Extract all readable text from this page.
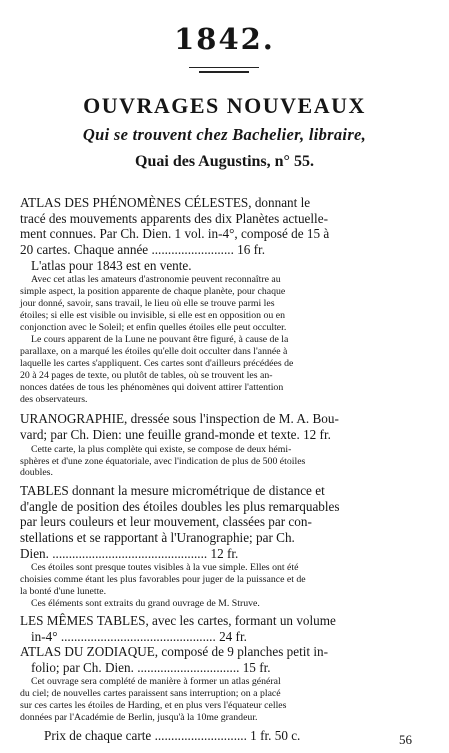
1842.
OUVRAGES NOUVEAUX
Qui se trouvent chez Bachelier, libraire,
Quai des Augustins, n° 55.
ATLAS DES PHÉNOMÈNES CÉLESTES, donnant le
tracé des mouvements apparents des dix Planètes actuelle-
ment connues. Par Ch. Dien. 1 vol. in-4°, composé de 15 à
20 cartes. Chaque année ......................... 16 fr.
L'atlas pour 1843 est en vente.
Avec cet atlas les amateurs d'astronomie peuvent reconnaître au
simple aspect, la position apparente de chaque planète, pour chaque
jour donné, savoir, sans travail, le lieu où elle se trouve parmi les
étoiles; si elle est visible ou invisible, si elle est en opposition ou en
conjonction avec le Soleil; et enfin quelles étoiles elle peut occulter.
Le cours apparent de la Lune ne pouvant être figuré, à cause de la
parallaxe, on a marqué les étoiles qu'elle doit occulter dans l'année à
laquelle les cartes s'appliquent. Ces cartes sont d'ailleurs précédées de
20 à 24 pages de texte, ou plutôt de tables, où se trouvent les an-
nonces datées de tous les phénomènes qui doivent attirer l'attention
des observateurs.
URANOGRAPHIE, dressée sous l'inspection de M. A. Bou-
vard; par Ch. Dien: une feuille grand-monde et texte. 12 fr.
Cette carte, la plus complète qui existe, se compose de deux hémi-
sphères et d'une zone équatoriale, avec l'indication de plus de 500 étoiles
doubles.
TABLES donnant la mesure micrométrique de distance et
d'angle de position des étoiles doubles les plus remarquables
par leurs couleurs et leur mouvement, classées par con-
stellations et se rapportant à l'Uranographie; par Ch.
Dien. ............................................... 12 fr.
Ces étoiles sont presque toutes visibles à la vue simple. Elles ont été
choisies comme étant les plus favorables pour juger de la puissance et de
la bonté d'une lunette.
Ces éléments sont extraits du grand ouvrage de M. Struve.
LES MÊMES TABLES, avec les cartes, formant un volume
in-4° ............................................... 24 fr.
ATLAS DU ZODIAQUE, composé de 9 planches petit in-
folio; par Ch. Dien. ............................... 15 fr.
Cet ouvrage sera complété de manière à former un atlas général
du ciel; de nouvelles cartes paraissent sans interruption; on a placé
sur ces cartes les étoiles de Harding, et en plus vers l'équateur celles
données par l'Académie de Berlin, jusqu'à la 10me grandeur.
Prix de chaque carte ............................ 1 fr. 50 c.	56
